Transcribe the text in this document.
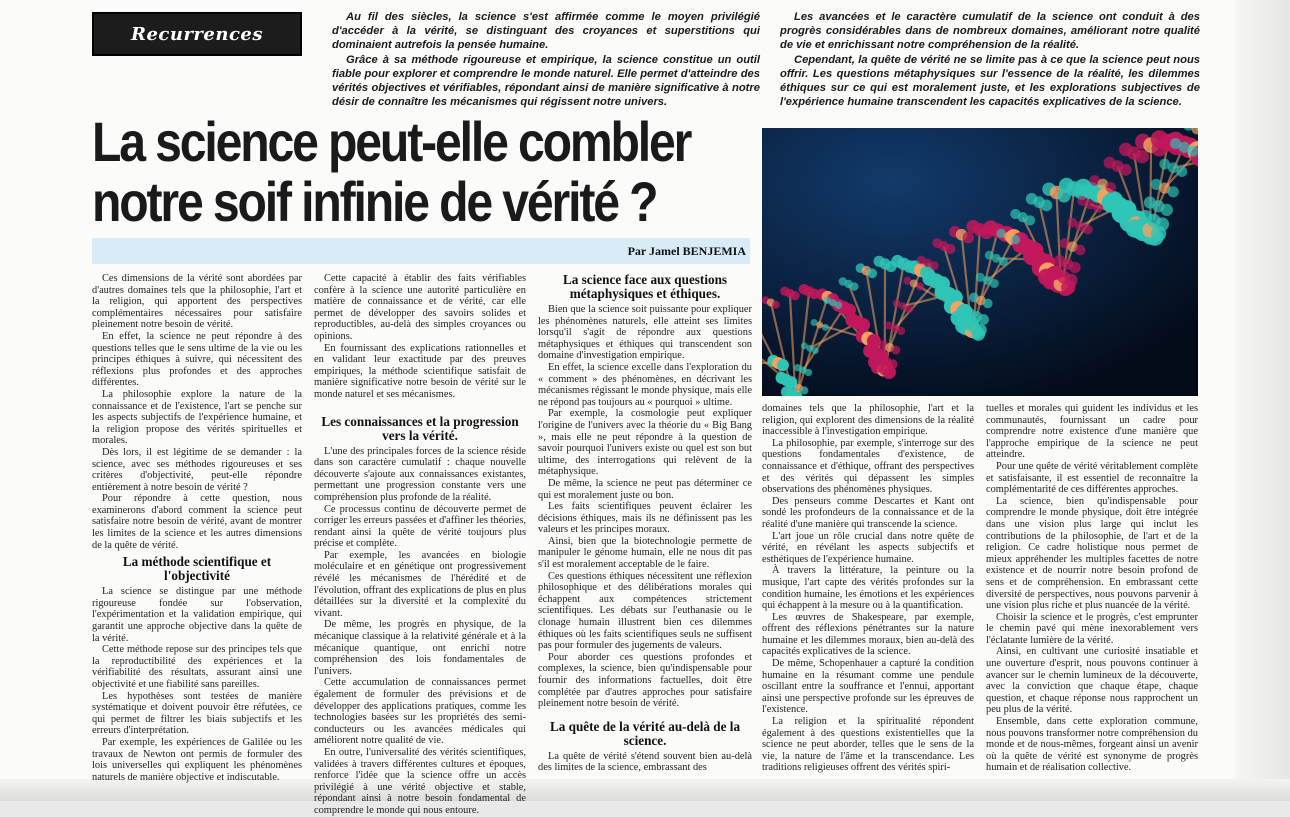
Recurrences

Au fil des siècles, la science s'est affirmée comme le moyen privilégié d'accéder à la vérité, se distinguant des croyances et superstitions qui dominaient autrefois la pensée humaine.

Grâce à sa méthode rigoureuse et empirique, la science constitue un outil fiable pour explorer et comprendre le monde naturel. Elle permet d'atteindre des vérités objectives et vérifiables, répondant ainsi de manière significative à notre désir de connaître les mécanismes qui régissent notre univers.

Les avancées et le caractère cumulatif de la science ont conduit à des progrès considérables dans de nombreux domaines, améliorant notre qualité de vie et enrichissant notre compréhension de la réalité.

Cependant, la quête de vérité ne se limite pas à ce que la science peut nous offrir. Les questions métaphysiques sur l'essence de la réalité, les dilemmes éthiques sur ce qui est moralement juste, et les explorations subjectives de l'expérience humaine transcendent les capacités explicatives de la science.

La science peut-elle combler notre soif infinie de vérité ?
Par Jamel BENJEMIA

Ces dimensions de la vérité sont abordées par d'autres domaines tels que la philosophie, l'art et la religion, qui apportent des perspectives complémentaires nécessaires pour satisfaire pleinement notre besoin de vérité.

En effet, la science ne peut répondre à des questions telles que le sens ultime de la vie ou les principes éthiques à suivre, qui nécessitent des réflexions plus profondes et des approches différentes.

La philosophie explore la nature de la connaissance et de l'existence, l'art se penche sur les aspects subjectifs de l'expérience humaine, et la religion propose des vérités spirituelles et morales.

Dès lors, il est légitime de se demander : la science, avec ses méthodes rigoureuses et ses critères d'objectivité, peut-elle répondre entièrement à notre besoin de vérité ?

Pour répondre à cette question, nous examinerons d'abord comment la science peut satisfaire notre besoin de vérité, avant de montrer les limites de la science et les autres dimensions de la quête de vérité.

La méthode scientifique et l'objectivité

La science se distingue par une méthode rigoureuse fondée sur l'observation, l'expérimentation et la validation empirique, qui garantit une approche objective dans la quête de la vérité.

Cette méthode repose sur des principes tels que la reproductibilité des expériences et la vérifiabilité des résultats, assurant ainsi une objectivité et une fiabilité sans pareilles.

Les hypothèses sont testées de manière systématique et doivent pouvoir être réfutées, ce qui permet de filtrer les biais subjectifs et les erreurs d'interprétation.

Par exemple, les expériences de Galilée ou les travaux de Newton ont permis de formuler des lois universelles qui expliquent les phénomènes naturels de manière objective et indiscutable.

Cette capacité à établir des faits vérifiables confère à la science une autorité particulière en matière de connaissance et de vérité, car elle permet de développer des savoirs solides et reproductibles, au-delà des simples croyances ou opinions.

En fournissant des explications rationnelles et en validant leur exactitude par des preuves empiriques, la méthode scientifique satisfait de manière significative notre besoin de vérité sur le monde naturel et ses mécanismes.

Les connaissances et la progression vers la vérité.

L'une des principales forces de la science réside dans son caractère cumulatif : chaque nouvelle découverte s'ajoute aux connaissances existantes, permettant une progression constante vers une compréhension plus profonde de la réalité.

Ce processus continu de découverte permet de corriger les erreurs passées et d'affiner les théories, rendant ainsi la quête de vérité toujours plus précise et complète.

Par exemple, les avancées en biologie moléculaire et en génétique ont progressivement révélé les mécanismes de l'hérédité et de l'évolution, offrant des explications de plus en plus détaillées sur la diversité et la complexité du vivant.

De même, les progrès en physique, de la mécanique classique à la relativité générale et à la mécanique quantique, ont enrichi notre compréhension des lois fondamentales de l'univers.

Cette accumulation de connaissances permet également de formuler des prévisions et de développer des applications pratiques, comme les technologies basées sur les propriétés des semi-conducteurs ou les avancées médicales qui améliorent notre qualité de vie.

En outre, l'universalité des vérités scientifiques, validées à travers différentes cultures et époques, renforce l'idée que la science offre un accès privilégié à une vérité objective et stable, répondant ainsi à notre besoin fondamental de comprendre le monde qui nous entoure.

La science face aux questions métaphysiques et éthiques.

Bien que la science soit puissante pour expliquer les phénomènes naturels, elle atteint ses limites lorsqu'il s'agit de répondre aux questions métaphysiques et éthiques qui transcendent son domaine d'investigation empirique.

En effet, la science excelle dans l'exploration du « comment » des phénomènes, en décrivant les mécanismes régissant le monde physique, mais elle ne répond pas toujours au « pourquoi » ultime.

Par exemple, la cosmologie peut expliquer l'origine de l'univers avec la théorie du « Big Bang », mais elle ne peut répondre à la question de savoir pourquoi l'univers existe ou quel est son but ultime, des interrogations qui relèvent de la métaphysique.

De même, la science ne peut pas déterminer ce qui est moralement juste ou bon.

Les faits scientifiques peuvent éclairer les décisions éthiques, mais ils ne définissent pas les valeurs et les principes moraux.

Ainsi, bien que la biotechnologie permette de manipuler le génome humain, elle ne nous dit pas s'il est moralement acceptable de le faire.

Ces questions éthiques nécessitent une réflexion philosophique et des délibérations morales qui échappent aux compétences strictement scientifiques. Les débats sur l'euthanasie ou le clonage humain illustrent bien ces dilemmes éthiques où les faits scientifiques seuls ne suffisent pas pour formuler des jugements de valeurs.

Pour aborder ces questions profondes et complexes, la science, bien qu'indispensable pour fournir des informations factuelles, doit être complétée par d'autres approches pour satisfaire pleinement notre besoin de vérité.

La quête de la vérité au-delà de la science.

La quête de vérité s'étend souvent bien au-delà des limites de la science, embrassant des

domaines tels que la philosophie, l'art et la religion, qui explorent des dimensions de la réalité inaccessible à l'investigation empirique.

La philosophie, par exemple, s'interroge sur des questions fondamentales d'existence, de connaissance et d'éthique, offrant des perspectives et des vérités qui dépassent les simples observations des phénomènes physiques.

Des penseurs comme Descartes et Kant ont sondé les profondeurs de la connaissance et de la réalité d'une manière qui transcende la science.

L'art joue un rôle crucial dans notre quête de vérité, en révélant les aspects subjectifs et esthétiques de l'expérience humaine.

À travers la littérature, la peinture ou la musique, l'art capte des vérités profondes sur la condition humaine, les émotions et les expériences qui échappent à la mesure ou à la quantification.

Les œuvres de Shakespeare, par exemple, offrent des réflexions pénétrantes sur la nature humaine et les dilemmes moraux, bien au-delà des capacités explicatives de la science.

De même, Schopenhauer a capturé la condition humaine en la résumant comme une pendule oscillant entre la souffrance et l'ennui, apportant ainsi une perspective profonde sur les épreuves de l'existence.

La religion et la spiritualité répondent également à des questions existentielles que la science ne peut aborder, telles que le sens de la vie, la nature de l'âme et la transcendance. Les traditions religieuses offrent des vérités spiri-

tuelles et morales qui guident les individus et les communautés, fournissant un cadre pour comprendre notre existence d'une manière que l'approche empirique de la science ne peut atteindre.

Pour une quête de vérité véritablement complète et satisfaisante, il est essentiel de reconnaître la complémentarité de ces différentes approches.

La science, bien qu'indispensable pour comprendre le monde physique, doit être intégrée dans une vision plus large qui inclut les contributions de la philosophie, de l'art et de la religion. Ce cadre holistique nous permet de mieux appréhender les multiples facettes de notre existence et de nourrir notre besoin profond de sens et de compréhension. En embrassant cette diversité de perspectives, nous pouvons parvenir à une vision plus riche et plus nuancée de la vérité.

Choisir la science et le progrès, c'est emprunter le chemin pavé qui mène inexorablement vers l'éclatante lumière de la vérité.

Ainsi, en cultivant une curiosité insatiable et une ouverture d'esprit, nous pouvons continuer à avancer sur le chemin lumineux de la découverte, avec la conviction que chaque étape, chaque question, et chaque réponse nous rapprochent un peu plus de la vérité.

Ensemble, dans cette exploration commune, nous pouvons transformer notre compréhension du monde et de nous-mêmes, forgeant ainsi un avenir où la quête de vérité est synonyme de progrès humain et de réalisation collective.
